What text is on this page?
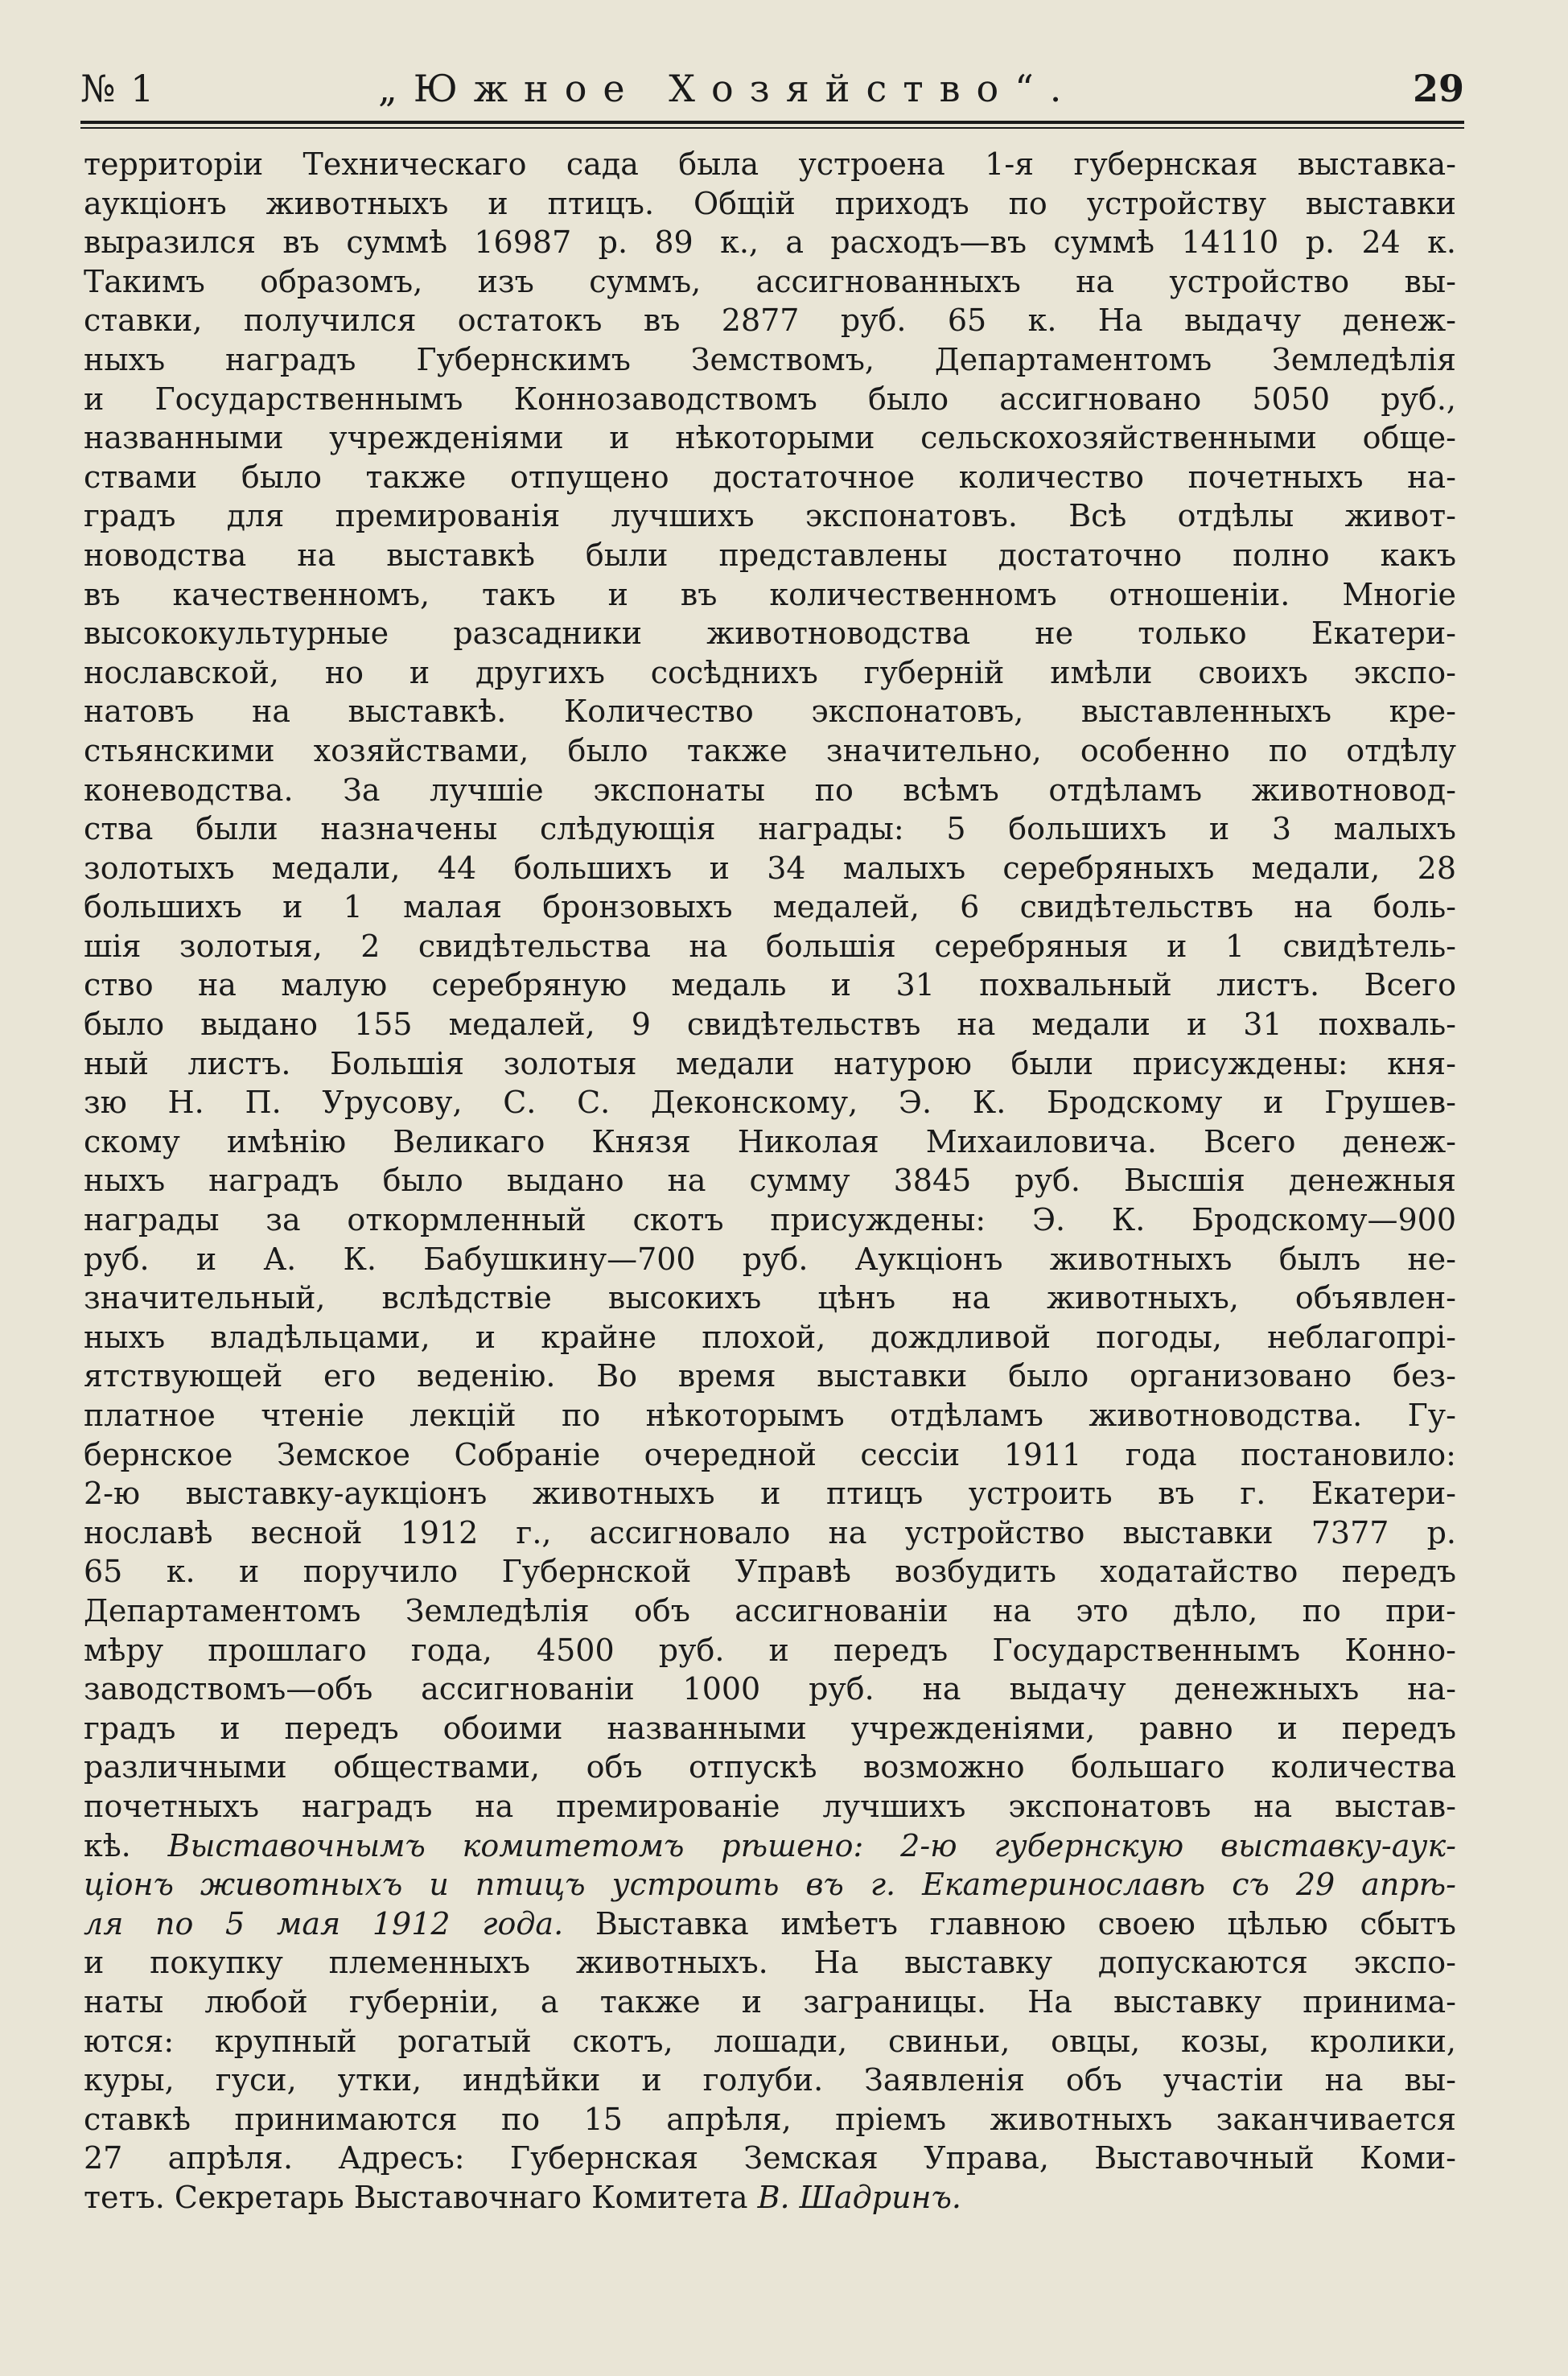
№ 1	„Южное Хозяйство“.	29
территорiи Техническаго сада была устроена 1-я губернская выставка-
аукцiонъ животныхъ и птицъ. Общiй приходъ по устройству выставки
выразился въ суммѣ 16987 р. 89 к., а расходъ—въ суммѣ 14110 р. 24 к.
Такимъ образомъ, изъ суммъ, ассигнованныхъ на устройство вы-
ставки, получился остатокъ въ 2877 руб. 65 к. На выдачу денеж-
ныхъ наградъ Губернскимъ Земствомъ, Департаментомъ Земледѣлiя
и Государственнымъ Коннозаводствомъ было ассигновано 5050 руб.,
названными учрежденiями и нѣкоторыми сельскохозяйственными обще-
ствами было также отпущено достаточное количество почетныхъ на-
градъ для премированiя лучшихъ экспонатовъ. Всѣ отдѣлы живот-
новодства на выставкѣ были представлены достаточно полно какъ
въ качественномъ, такъ и въ количественномъ отношенiи. Многiе
высококультурные разсадники животноводства не только Екатери-
нославской, но и другихъ сосѣднихъ губернiй имѣли своихъ экспо-
натовъ на выставкѣ. Количество экспонатовъ, выставленныхъ кре-
стьянскими хозяйствами, было также значительно, особенно по отдѣлу
коневодства. За лучшiе экспонаты по всѣмъ отдѣламъ животновод-
ства были назначены слѣдующiя награды: 5 большихъ и 3 малыхъ
золотыхъ медали, 44 большихъ и 34 малыхъ серебряныхъ медали, 28
большихъ и 1 малая бронзовыхъ медалей, 6 свидѣтельствъ на боль-
шiя золотыя, 2 свидѣтельства на большiя серебряныя и 1 свидѣтель-
ство на малую серебряную медаль и 31 похвальный листъ. Всего
было выдано 155 медалей, 9 свидѣтельствъ на медали и 31 похваль-
ный листъ. Большiя золотыя медали натурою были присуждены: кня-
зю Н. П. Урусову, С. С. Деконскому, Э. К. Бродскому и Грушев-
скому имѣнiю Великаго Князя Николая Михаиловича. Всего денеж-
ныхъ наградъ было выдано на сумму 3845 руб. Высшiя денежныя
награды за откормленный скотъ присуждены: Э. К. Бродскому—900
руб. и А. К. Бабушкину—700 руб. Аукцiонъ животныхъ былъ не-
значительный, вслѣдствiе высокихъ цѣнъ на животныхъ, объявлен-
ныхъ владѣльцами, и крайне плохой, дождливой погоды, неблагопрi-
ятствующей его веденiю. Во время выставки было организовано без-
платное чтенiе лекцiй по нѣкоторымъ отдѣламъ животноводства. Гу-
бернское Земское Собранiе очередной сессiи 1911 года постановило:
2-ю выставку-аукцiонъ животныхъ и птицъ устроить въ г. Екатери-
нославѣ весной 1912 г., ассигновало на устройство выставки 7377 р.
65 к. и поручило Губернской Управѣ возбудить ходатайство передъ
Департаментомъ Земледѣлiя объ ассигнованiи на это дѣло, по при-
мѣру прошлаго года, 4500 руб. и передъ Государственнымъ Конно-
заводствомъ—объ ассигнованiи 1000 руб. на выдачу денежныхъ на-
градъ и передъ обоими названными учрежденiями, равно и передъ
различными обществами, объ отпускѣ возможно большаго количества
почетныхъ наградъ на премированiе лучшихъ экспонатовъ на выстав-
кѣ. Выставочнымъ комитетомъ рѣшено: 2-ю губернскую выставку-аук-
цiонъ животныхъ и птицъ устроить въ г. Екатеринославѣ съ 29 апрѣ-
ля по 5 мая 1912 года. Выставка имѣетъ главною своею цѣлью сбытъ
и покупку племенныхъ животныхъ. На выставку допускаются экспо-
наты любой губернiи, а также и заграницы. На выставку принима-
ются: крупный рогатый скотъ, лошади, свиньи, овцы, козы, кролики,
куры, гуси, утки, индѣйки и голуби. Заявленiя объ участiи на вы-
ставкѣ принимаются по 15 апрѣля, прiемъ животныхъ заканчивается
27 апрѣля. Адресъ: Губернская Земская Управа, Выставочный Коми-
тетъ. Секретарь Выставочнаго Комитета В. Шадринъ.
